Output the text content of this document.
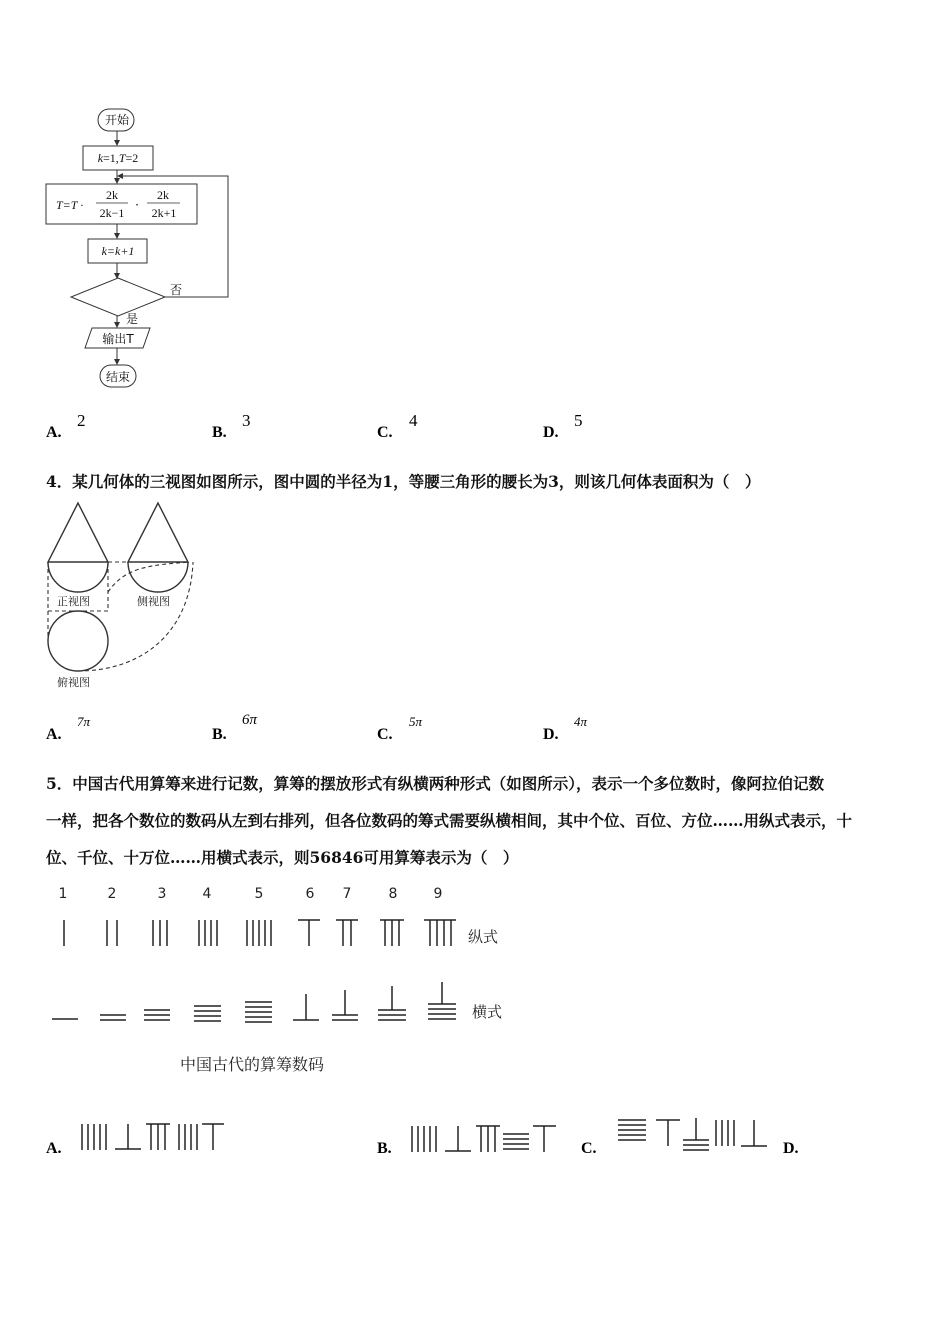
开始
k=1,T=2
T=T ·
2k
2k−1
·
2k
2k+1
k=k+1
否
是
输出T
结束
A.
2
B.
3
C.
4
D.
5
4．某几何体的三视图如图所示，图中圆的半径为1，等腰三角形的腰长为3，则该几何体表面积为（　）
正视图	侧视图
俯视图
A.
7π
B.
6π
C.
5π
D.
4π
5．中国古代用算筹来进行记数，算筹的摆放形式有纵横两种形式（如图所示），表示一个多位数时，像阿拉伯记数
一样，把各个数位的数码从左到右排列，但各位数码的筹式需要纵横相间，其中个位、百位、方位……用纵式表示，十
位、千位、十万位……用横式表示，则56846可用算筹表示为（　）
1	2	3	4	5	6 7	8	9
纵式
横式
中国古代的算筹数码
A.	B.	C.	D.
